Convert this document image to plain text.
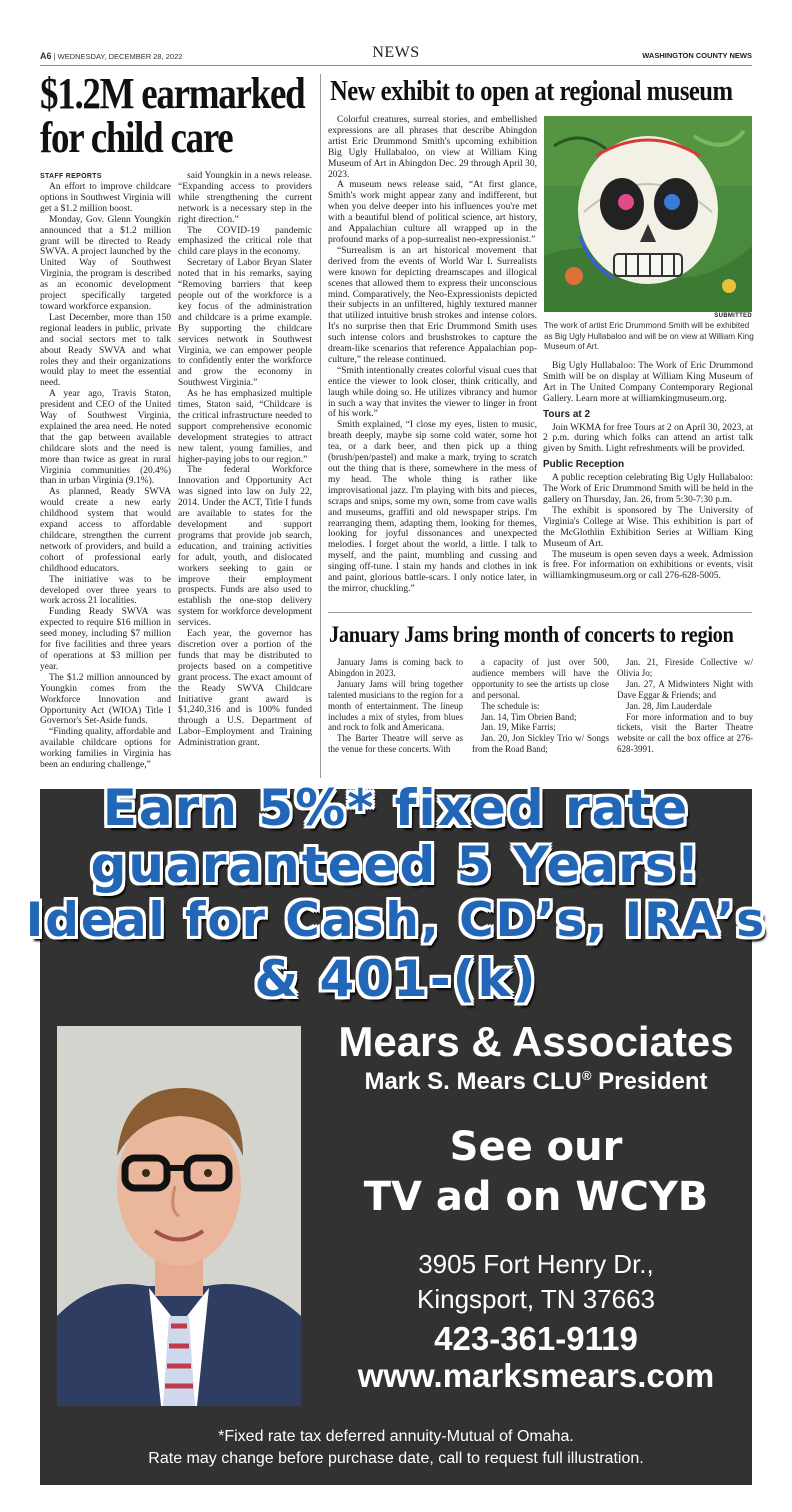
A6 | WEDNESDAY, DECEMBER 28, 2022	NEWS	WASHINGTON COUNTY NEWS
$1.2M earmarked for child care
STAFF REPORTS

An effort to improve childcare options in Southwest Virginia will get a $1.2 million boost.

Monday, Gov. Glenn Youngkin announced that a $1.2 million grant will be directed to Ready SWVA. A project launched by the United Way of Southwest Virginia, the program is described as an economic development project specifically targeted toward workforce expansion.

Last December, more than 150 regional leaders in public, private and social sectors met to talk about Ready SWVA and what roles they and their organizations would play to meet the essential need.

A year ago, Travis Staton, president and CEO of the United Way of Southwest Virginia, explained the area need. He noted that the gap between available childcare slots and the need is more than twice as great in rural Virginia communities (20.4%) than in urban Virginia (9.1%).

As planned, Ready SWVA would create a new early childhood system that would expand access to affordable childcare, strengthen the current network of providers, and build a cohort of professional early childhood educators.

The initiative was to be developed over three years to work across 21 localities.

Funding Ready SWVA was expected to require $16 million in seed money, including $7 million for five facilities and three years of operations at $3 million per year.

The $1.2 million announced by Youngkin comes from the Workforce Innovation and Opportunity Act (WIOA) Title I Governor's Set-Aside funds.

“Finding quality, affordable and available childcare options for working families in Virginia has been an enduring challenge,”

said Youngkin in a news release. “Expanding access to providers while strengthening the current network is a necessary step in the right direction.”

The COVID-19 pandemic emphasized the critical role that child care plays in the economy.

Secretary of Labor Bryan Slater noted that in his remarks, saying “Removing barriers that keep people out of the workforce is a key focus of the administration and childcare is a prime example. By supporting the childcare services network in Southwest Virginia, we can empower people to confidently enter the workforce and grow the economy in Southwest Virginia.”

As he has emphasized multiple times, Staton said, “Childcare is the critical infrastructure needed to support comprehensive economic development strategies to attract new talent, young families, and higher-paying jobs to our region.”

The federal Workforce Innovation and Opportunity Act was signed into law on July 22, 2014. Under the ACT, Title I funds are available to states for the development and support programs that provide job search, education, and training activities for adult, youth, and dislocated workers seeking to gain or improve their employment prospects. Funds are also used to establish the one-stop delivery system for workforce development services.

Each year, the governor has discretion over a portion of the funds that may be distributed to projects based on a competitive grant process. The exact amount of the Ready SWVA Childcare Initiative grant award is $1,240,316 and is 100% funded through a U.S. Department of Labor–Employment and Training Administration grant.

New exhibit to open at regional museum

Colorful creatures, surreal stories, and embellished expressions are all phrases that describe Abingdon artist Eric Drummond Smith's upcoming exhibition Big Ugly Hullabaloo, on view at William King Museum of Art in Abingdon Dec. 29 through April 30, 2023.

A museum news release said, “At first glance, Smith's work might appear zany and indifferent, but when you delve deeper into his influences you're met with a beautiful blend of political science, art history, and Appalachian culture all wrapped up in the profound marks of a pop-surrealist neo-expressionist.”

“Surrealism is an art historical movement that derived from the events of World War I. Surrealists were known for depicting dreamscapes and illogical scenes that allowed them to express their unconscious mind. Comparatively, the Neo-Expressionists depicted their subjects in an unfiltered, highly textured manner that utilized intuitive brush strokes and intense colors. It's no surprise then that Eric Drummond Smith uses such intense colors and brushstrokes to capture the dream-like scenarios that reference Appalachian pop-culture,” the release continued.

“Smith intentionally creates colorful visual cues that entice the viewer to look closer, think critically, and laugh while doing so. He utilizes vibrancy and humor in such a way that invites the viewer to linger in front of his work.”

Smith explained, “I close my eyes, listen to music, breath deeply, maybe sip some cold water, some hot tea, or a dark beer, and then pick up a thing (brush/pen/pastel) and make a mark, trying to scratch out the thing that is there, somewhere in the mess of my head. The whole thing is rather like improvisational jazz. I'm playing with bits and pieces, scraps and snips, some my own, some from cave walls and museums, graffiti and old newspaper strips. I'm rearranging them, adapting them, looking for themes, looking for joyful dissonances and unexpected melodies. I forget about the world, a little. I talk to myself, and the paint, mumbling and cussing and singing off-tune. I stain my hands and clothes in ink and paint, glorious battle-scars. I only notice later, in the mirror, chuckling.”

SUBMITTED
The work of artist Eric Drummond Smith will be exhibited as Big Ugly Hullabaloo and will be on view at William King Museum of Art.

Big Ugly Hullabaloo: The Work of Eric Drummond Smith will be on display at William King Museum of Art in The United Company Contemporary Regional Gallery. Learn more at williamkingmuseum.org.

Tours at 2

Join WKMA for free Tours at 2 on April 30, 2023, at 2 p.m. during which folks can attend an artist talk given by Smith. Light refreshments will be provided.

Public Reception

A public reception celebrating Big Ugly Hullabaloo: The Work of Eric Drummond Smith will be held in the gallery on Thursday, Jan. 26, from 5:30-7:30 p.m.

The exhibit is sponsored by The University of Virginia's College at Wise. This exhibition is part of the McGlothlin Exhibition Series at William King Museum of Art.

The museum is open seven days a week. Admission is free. For information on exhibitions or events, visit williamkingmuseum.org or call 276-628-5005.

January Jams bring month of concerts to region

January Jams is coming back to Abingdon in 2023.

January Jams will bring together talented musicians to the region for a month of entertainment. The lineup includes a mix of styles, from blues and rock to folk and Americana.

The Barter Theatre will serve as the venue for these concerts. With

a capacity of just over 500, audience members will have the opportunity to see the artists up close and personal.

The schedule is:

Jan. 14, Tim Obrien Band;

Jan. 19, Mike Farris;

Jan. 20, Jon Sickley Trio w/ Songs from the Road Band;

Jan. 21, Fireside Collective w/ Olivia Jo;

Jan. 27, A Midwinters Night with Dave Eggar & Friends; and

Jan. 28, Jim Lauderdale

For more information and to buy tickets, visit the Barter Theatre website or call the box office at 276-628-3991.

Earn 5%* fixed rate
guaranteed 5 Years!
Ideal for Cash, CD’s, IRA’s
& 401-(k)
Mears & Associates
Mark S. Mears CLU® President
See our
TV ad on WCYB
3905 Fort Henry Dr.,
Kingsport, TN 37663
423-361-9119
www.marksmears.com
*Fixed rate tax deferred annuity-Mutual of Omaha.
Rate may change before purchase date, call to request full illustration.
